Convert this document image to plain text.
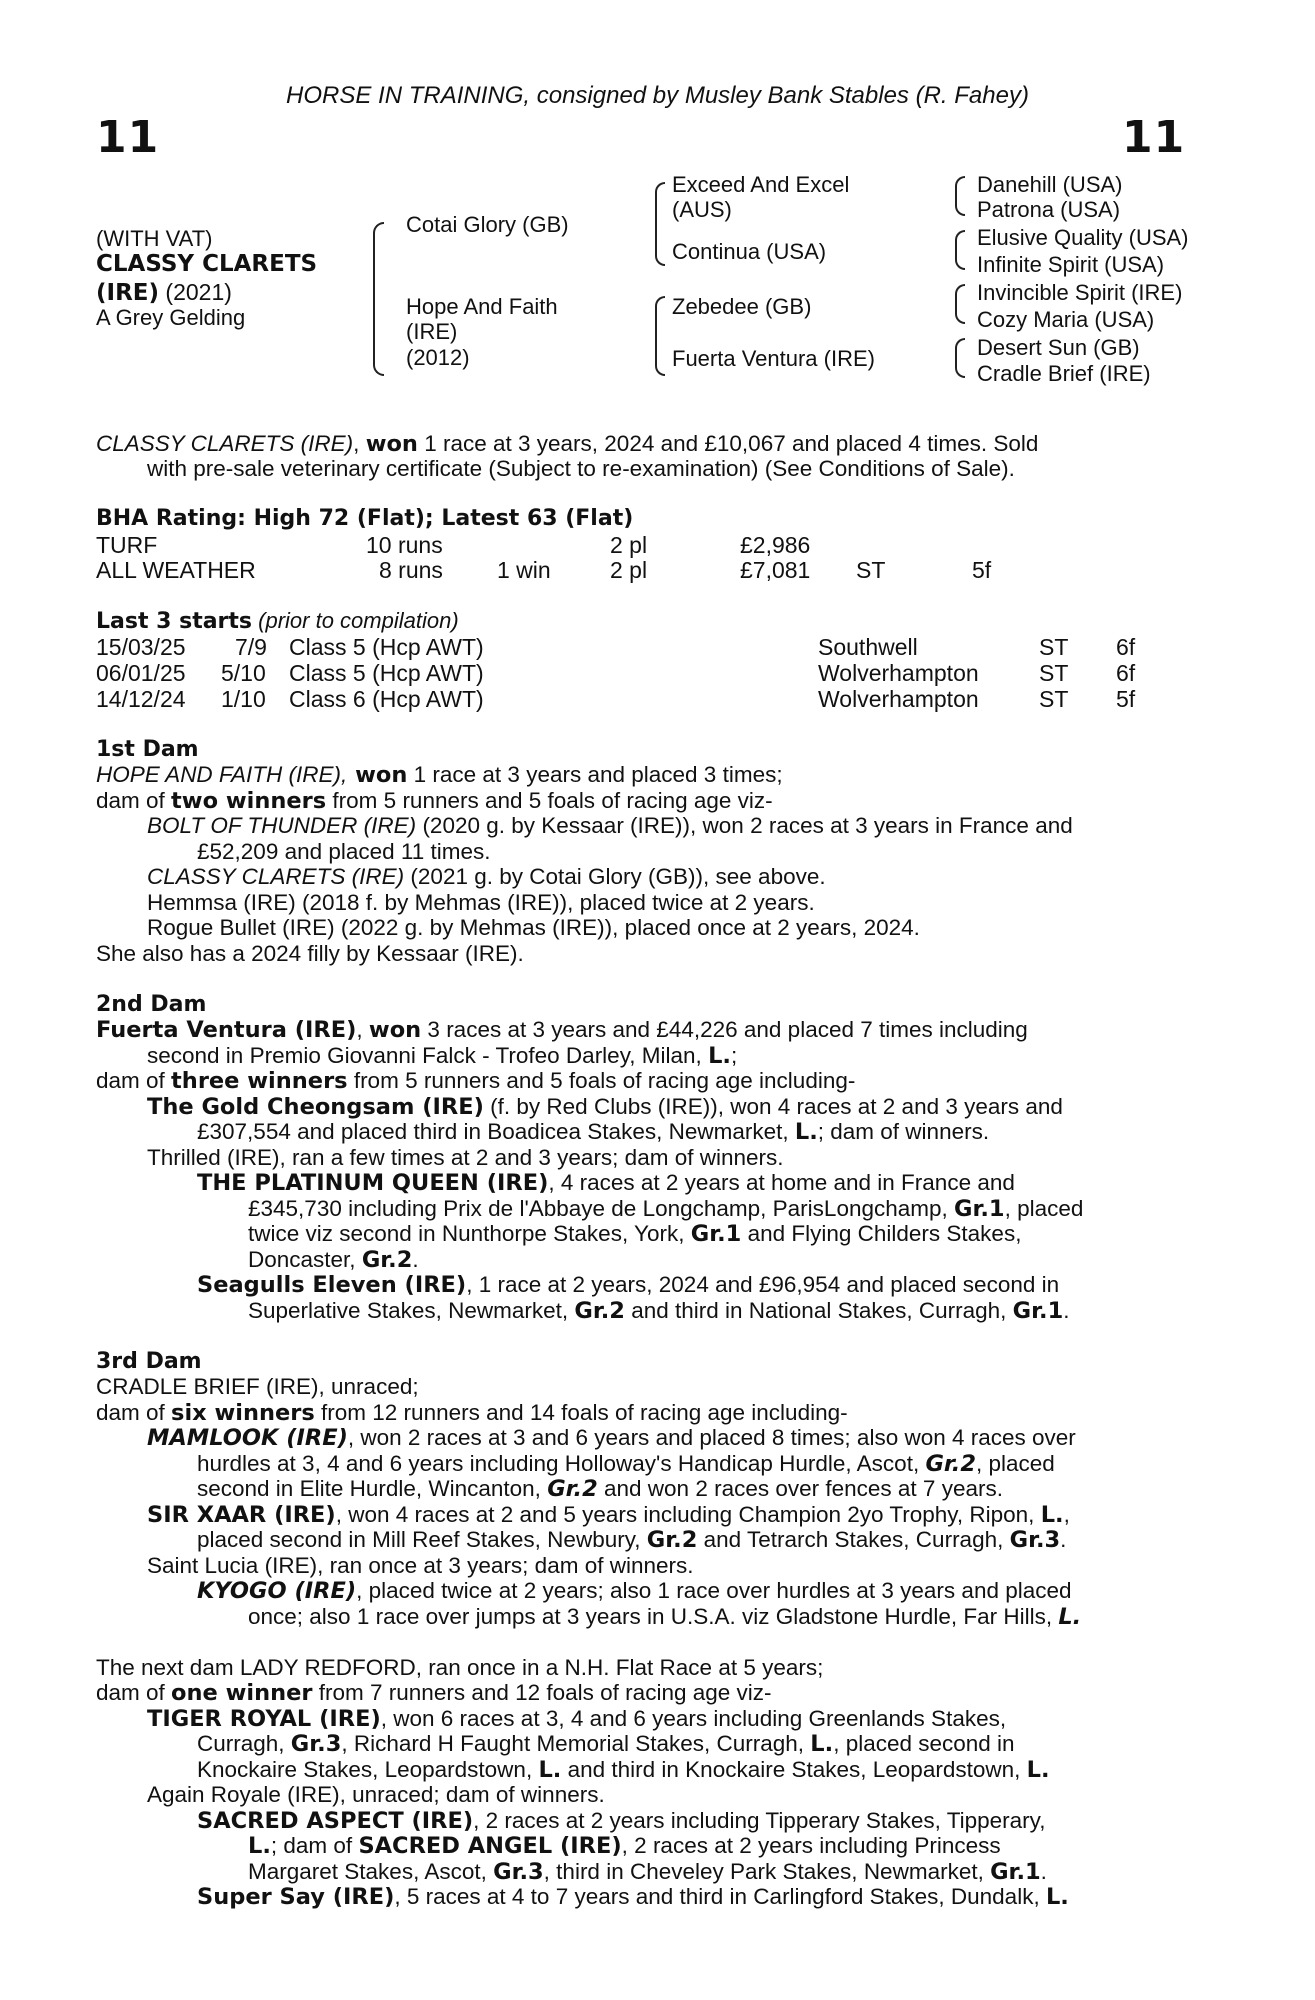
HORSE IN TRAINING, consigned by Musley Bank Stables (R. Fahey)
11	11
(WITH VAT)
CLASSY CLARETS
(IRE) (2021)
A Grey Gelding
Cotai Glory (GB)
Hope And Faith
(IRE)
(2012)
Exceed And Excel
(AUS)
Continua (USA)
Zebedee (GB)
Fuerta Ventura (IRE)
Danehill (USA)
Patrona (USA)
Elusive Quality (USA)
Infinite Spirit (USA)
Invincible Spirit (IRE)
Cozy Maria (USA)
Desert Sun (GB)
Cradle Brief (IRE)
CLASSY CLARETS (IRE), won 1 race at 3 years, 2024 and £10,067 and placed 4 times. Sold
with pre-sale veterinary certificate (Subject to re-examination) (See Conditions of Sale).
BHA Rating: High 72 (Flat); Latest 63 (Flat)
TURF	10 runs	2 pl	£2,986
ALL WEATHER	8 runs 1 win	2 pl	£7,081 ST	5f
Last 3 starts (prior to compilation)
15/03/25 7/9 Class 5 (Hcp AWT)	Southwell	ST 6f
06/01/25 5/10 Class 5 (Hcp AWT)	Wolverhampton	ST 6f
14/12/24 1/10 Class 6 (Hcp AWT)	Wolverhampton	ST 5f
1st Dam
HOPE AND FAITH (IRE), won 1 race at 3 years and placed 3 times;
dam of two winners from 5 runners and 5 foals of racing age viz-
BOLT OF THUNDER (IRE) (2020 g. by Kessaar (IRE)), won 2 races at 3 years in France and
£52,209 and placed 11 times.
CLASSY CLARETS (IRE) (2021 g. by Cotai Glory (GB)), see above.
Hemmsa (IRE) (2018 f. by Mehmas (IRE)), placed twice at 2 years.
Rogue Bullet (IRE) (2022 g. by Mehmas (IRE)), placed once at 2 years, 2024.
She also has a 2024 filly by Kessaar (IRE).
2nd Dam
Fuerta Ventura (IRE), won 3 races at 3 years and £44,226 and placed 7 times including
second in Premio Giovanni Falck - Trofeo Darley, Milan, L.;
dam of three winners from 5 runners and 5 foals of racing age including-
The Gold Cheongsam (IRE) (f. by Red Clubs (IRE)), won 4 races at 2 and 3 years and
£307,554 and placed third in Boadicea Stakes, Newmarket, L.; dam of winners.
Thrilled (IRE), ran a few times at 2 and 3 years; dam of winners.
THE PLATINUM QUEEN (IRE), 4 races at 2 years at home and in France and
£345,730 including Prix de l'Abbaye de Longchamp, ParisLongchamp, Gr.1, placed
twice viz second in Nunthorpe Stakes, York, Gr.1 and Flying Childers Stakes,
Doncaster, Gr.2.
Seagulls Eleven (IRE), 1 race at 2 years, 2024 and £96,954 and placed second in
Superlative Stakes, Newmarket, Gr.2 and third in National Stakes, Curragh, Gr.1.
3rd Dam
CRADLE BRIEF (IRE), unraced;
dam of six winners from 12 runners and 14 foals of racing age including-
MAMLOOK (IRE), won 2 races at 3 and 6 years and placed 8 times; also won 4 races over
hurdles at 3, 4 and 6 years including Holloway's Handicap Hurdle, Ascot, Gr.2, placed
second in Elite Hurdle, Wincanton, Gr.2 and won 2 races over fences at 7 years.
SIR XAAR (IRE), won 4 races at 2 and 5 years including Champion 2yo Trophy, Ripon, L.,
placed second in Mill Reef Stakes, Newbury, Gr.2 and Tetrarch Stakes, Curragh, Gr.3.
Saint Lucia (IRE), ran once at 3 years; dam of winners.
KYOGO (IRE), placed twice at 2 years; also 1 race over hurdles at 3 years and placed
once; also 1 race over jumps at 3 years in U.S.A. viz Gladstone Hurdle, Far Hills, L.
The next dam LADY REDFORD, ran once in a N.H. Flat Race at 5 years;
dam of one winner from 7 runners and 12 foals of racing age viz-
TIGER ROYAL (IRE), won 6 races at 3, 4 and 6 years including Greenlands Stakes,
Curragh, Gr.3, Richard H Faught Memorial Stakes, Curragh, L., placed second in
Knockaire Stakes, Leopardstown, L. and third in Knockaire Stakes, Leopardstown, L.
Again Royale (IRE), unraced; dam of winners.
SACRED ASPECT (IRE), 2 races at 2 years including Tipperary Stakes, Tipperary,
L.; dam of SACRED ANGEL (IRE), 2 races at 2 years including Princess
Margaret Stakes, Ascot, Gr.3, third in Cheveley Park Stakes, Newmarket, Gr.1.
Super Say (IRE), 5 races at 4 to 7 years and third in Carlingford Stakes, Dundalk, L.
